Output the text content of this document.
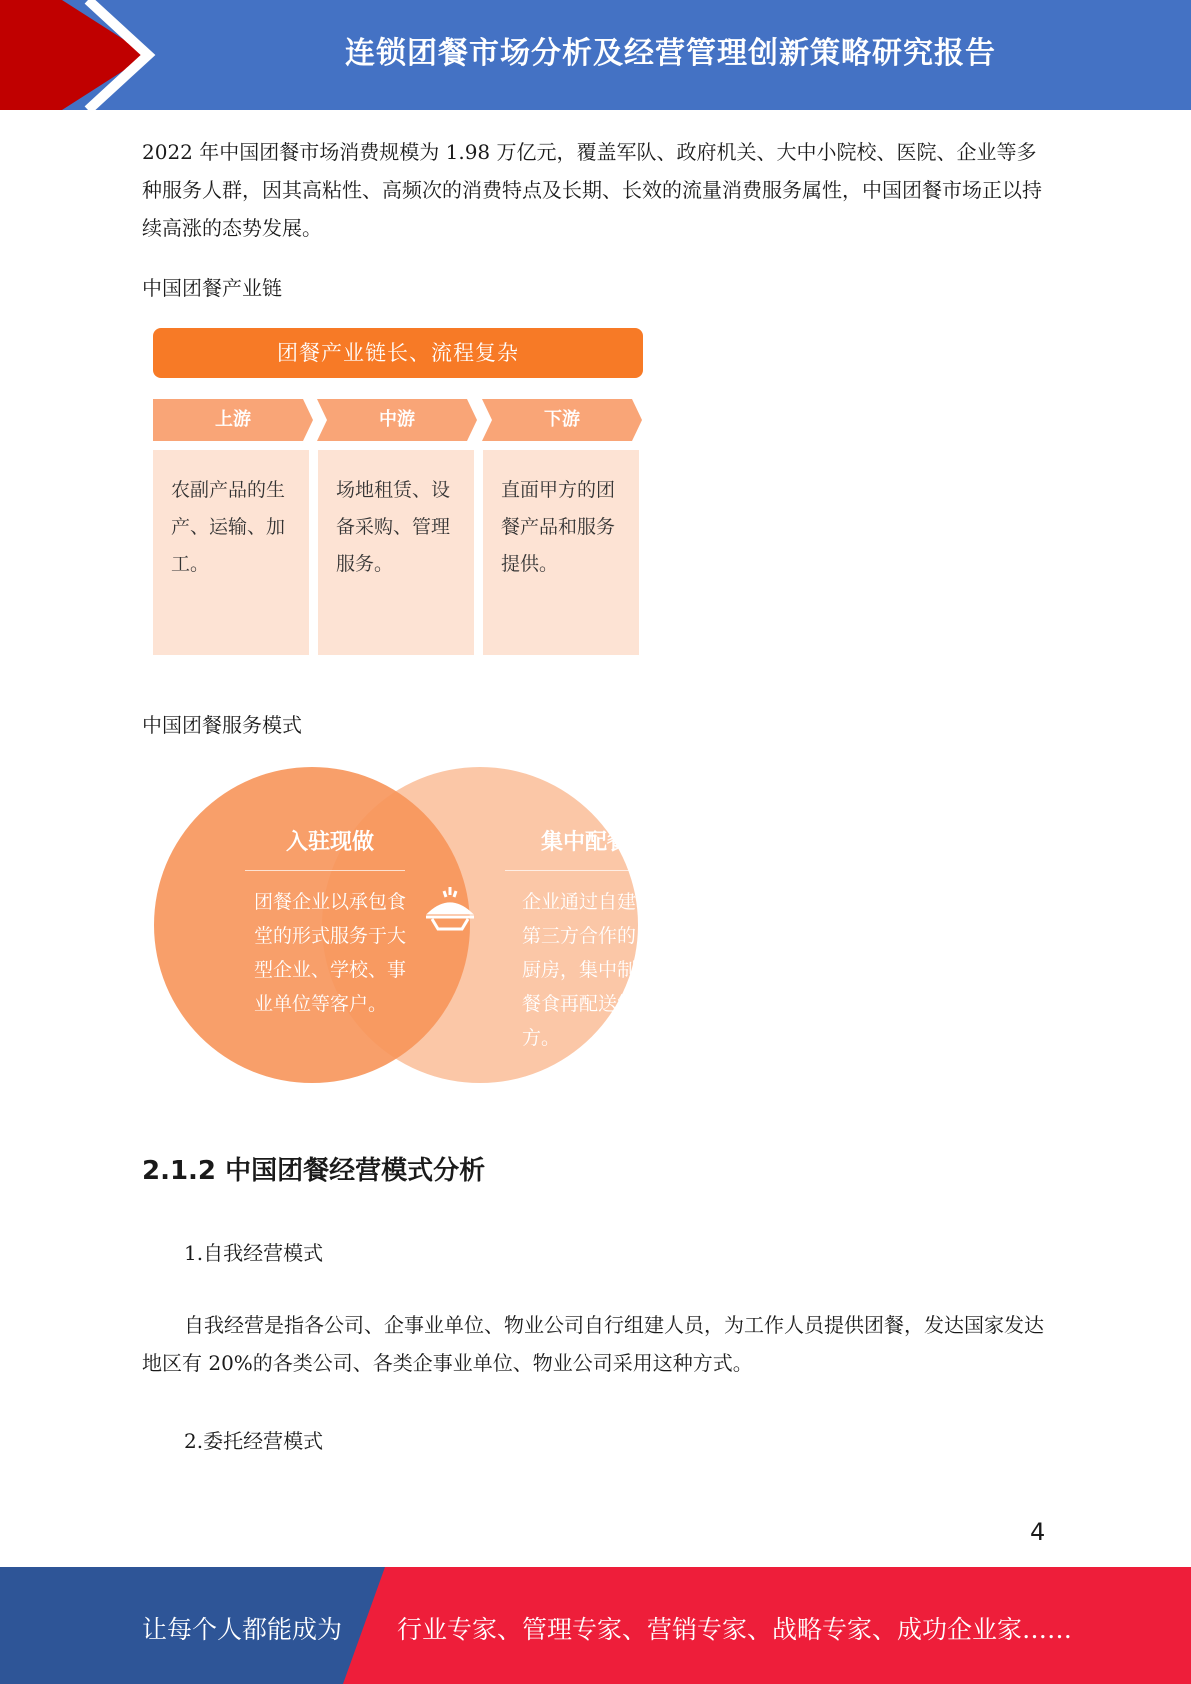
连锁团餐市场分析及经营管理创新策略研究报告

2022 年中国团餐市场消费规模为 1.98 万亿元，覆盖军队、政府机关、大中小院校、医院、企业等多种服务人群，因其高粘性、高频次的消费特点及长期、长效的流量消费服务属性，中国团餐市场正以持续高涨的态势发展。

中国团餐产业链
团餐产业链长、流程复杂
上游	中游	下游
农副产品的生产、运输、加工。
场地租赁、设备采购、管理服务。
直面甲方的团餐产品和服务提供。
中国团餐服务模式
入驻现做
团餐企业以承包食堂的形式服务于大型企业、学校、事业单位等客户。
集中配餐
企业通过自建或与第三方合作的中央厨房，集中制作好餐食再配送给甲方。
2.1.2 中国团餐经营模式分析
1.自我经营模式

自我经营是指各公司、企事业单位、物业公司自行组建人员，为工作人员提供团餐，发达国家发达地区有 20%的各类公司、各类企事业单位、物业公司采用这种方式。

2.委托经营模式
4
让每个人都能成为 行业专家、管理专家、营销专家、战略专家、成功企业家……
